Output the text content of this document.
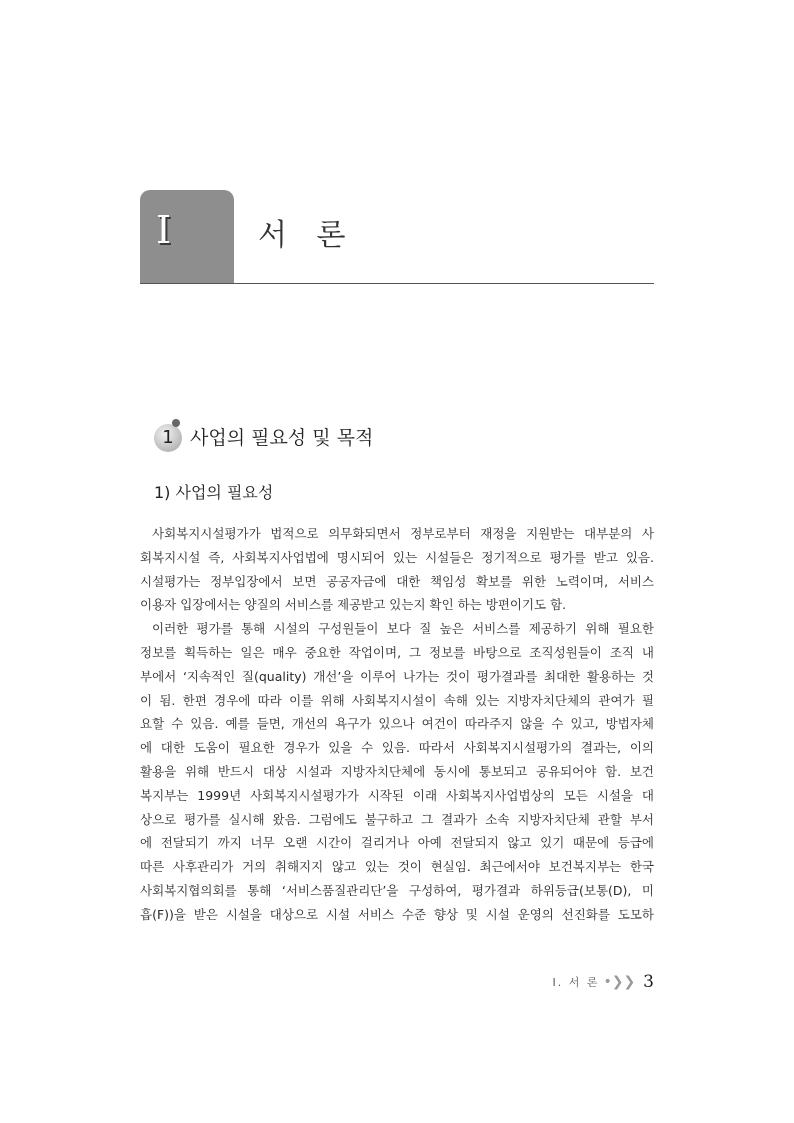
Ⅰ	서 론
1 사업의 필요성 및 목적
1) 사업의 필요성
사회복지시설평가가 법적으로 의무화되면서 정부로부터 재정을 지원받는 대부분의 사
회복지시설 즉, 사회복지사업법에 명시되어 있는 시설들은 정기적으로 평가를 받고 있음.
시설평가는 정부입장에서 보면 공공자금에 대한 책임성 확보를 위한 노력이며, 서비스
이용자 입장에서는 양질의 서비스를 제공받고 있는지 확인 하는 방편이기도 함.
이러한 평가를 통해 시설의 구성원들이 보다 질 높은 서비스를 제공하기 위해 필요한
정보를 획득하는 일은 매우 중요한 작업이며, 그 정보를 바탕으로 조직성원들이 조직 내
부에서 ‘지속적인 질(quality) 개선’을 이루어 나가는 것이 평가결과를 최대한 활용하는 것
이 됨. 한편 경우에 따라 이를 위해 사회복지시설이 속해 있는 지방자치단체의 관여가 필
요할 수 있음. 예를 들면, 개선의 욕구가 있으나 여건이 따라주지 않을 수 있고, 방법자체
에 대한 도움이 필요한 경우가 있을 수 있음. 따라서 사회복지시설평가의 결과는, 이의
활용을 위해 반드시 대상 시설과 지방자치단체에 동시에 통보되고 공유되어야 함. 보건
복지부는 1999년 사회복지시설평가가 시작된 이래 사회복지사업법상의 모든 시설을 대
상으로 평가를 실시해 왔음. 그럼에도 불구하고 그 결과가 소속 지방자치단체 관할 부서
에 전달되기 까지 너무 오랜 시간이 걸리거나 아예 전달되지 않고 있기 때문에 등급에
따른 사후관리가 거의 취해지지 않고 있는 것이 현실임. 최근에서야 보건복지부는 한국
사회복지협의회를 통해 ‘서비스품질관리단’을 구성하여, 평가결과 하위등급(보통(D), 미
흡(F))을 받은 시설을 대상으로 시설 서비스 수준 향상 및 시설 운영의 선진화를 도모하
Ⅰ. 서 론 •❯❯ 3
